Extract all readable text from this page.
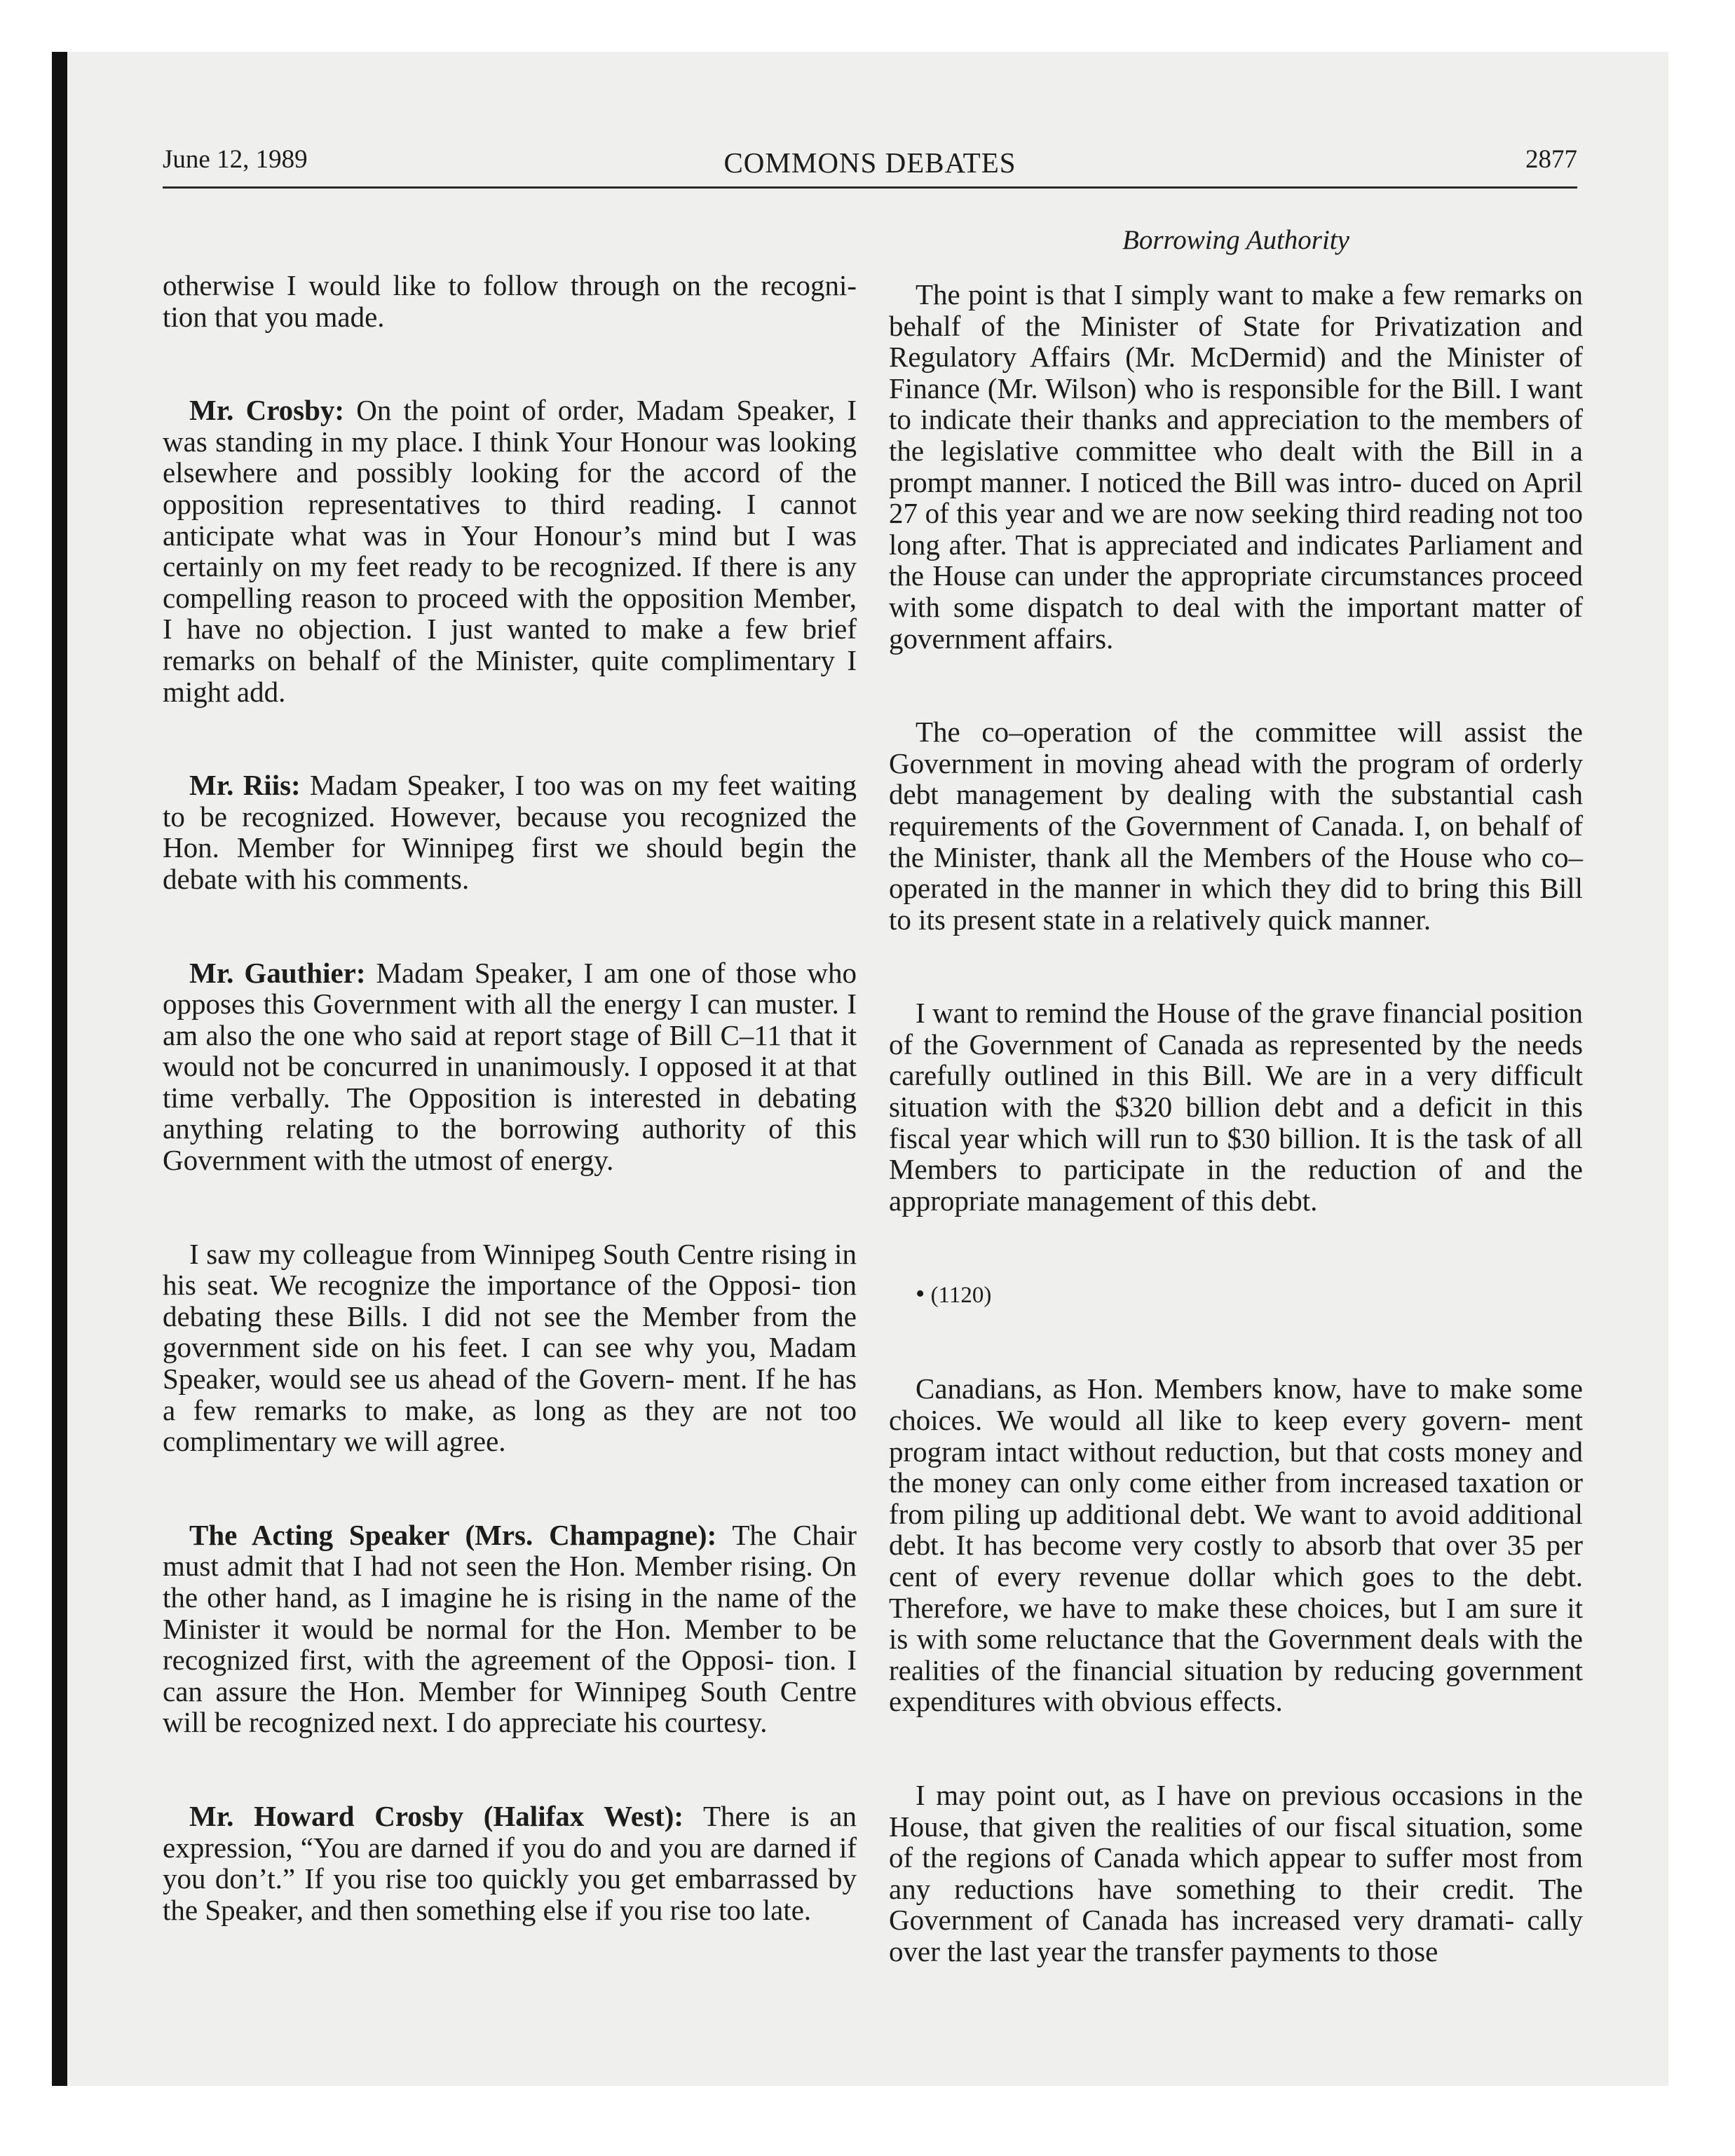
June 12, 1989	COMMONS DEBATES	2877
Borrowing Authority

otherwise I would like to follow through on the recogni- tion that you made.

Mr. Crosby: On the point of order, Madam Speaker, I was standing in my place. I think Your Honour was looking elsewhere and possibly looking for the accord of the opposition representatives to third reading. I cannot anticipate what was in Your Honour’s mind but I was certainly on my feet ready to be recognized. If there is any compelling reason to proceed with the opposition Member, I have no objection. I just wanted to make a few brief remarks on behalf of the Minister, quite complimentary I might add.

Mr. Riis: Madam Speaker, I too was on my feet waiting to be recognized. However, because you recognized the Hon. Member for Winnipeg first we should begin the debate with his comments.

Mr. Gauthier: Madam Speaker, I am one of those who opposes this Government with all the energy I can muster. I am also the one who said at report stage of Bill C–11 that it would not be concurred in unanimously. I opposed it at that time verbally. The Opposition is interested in debating anything relating to the borrowing authority of this Government with the utmost of energy.

I saw my colleague from Winnipeg South Centre rising in his seat. We recognize the importance of the Opposi- tion debating these Bills. I did not see the Member from the government side on his feet. I can see why you, Madam Speaker, would see us ahead of the Govern- ment. If he has a few remarks to make, as long as they are not too complimentary we will agree.

The Acting Speaker (Mrs. Champagne): The Chair must admit that I had not seen the Hon. Member rising. On the other hand, as I imagine he is rising in the name of the Minister it would be normal for the Hon. Member to be recognized first, with the agreement of the Opposi- tion. I can assure the Hon. Member for Winnipeg South Centre will be recognized next. I do appreciate his courtesy.

Mr. Howard Crosby (Halifax West): There is an expression, “You are darned if you do and you are darned if you don’t.” If you rise too quickly you get embarrassed by the Speaker, and then something else if you rise too late.

The point is that I simply want to make a few remarks on behalf of the Minister of State for Privatization and Regulatory Affairs (Mr. McDermid) and the Minister of Finance (Mr. Wilson) who is responsible for the Bill. I want to indicate their thanks and appreciation to the members of the legislative committee who dealt with the Bill in a prompt manner. I noticed the Bill was intro- duced on April 27 of this year and we are now seeking third reading not too long after. That is appreciated and indicates Parliament and the House can under the appropriate circumstances proceed with some dispatch to deal with the important matter of government affairs.

The co–operation of the committee will assist the Government in moving ahead with the program of orderly debt management by dealing with the substantial cash requirements of the Government of Canada. I, on behalf of the Minister, thank all the Members of the House who co–operated in the manner in which they did to bring this Bill to its present state in a relatively quick manner.

I want to remind the House of the grave financial position of the Government of Canada as represented by the needs carefully outlined in this Bill. We are in a very difficult situation with the $320 billion debt and a deficit in this fiscal year which will run to $30 billion. It is the task of all Members to participate in the reduction of and the appropriate management of this debt.

• (1120)

Canadians, as Hon. Members know, have to make some choices. We would all like to keep every govern- ment program intact without reduction, but that costs money and the money can only come either from increased taxation or from piling up additional debt. We want to avoid additional debt. It has become very costly to absorb that over 35 per cent of every revenue dollar which goes to the debt. Therefore, we have to make these choices, but I am sure it is with some reluctance that the Government deals with the realities of the financial situation by reducing government expenditures with obvious effects.

I may point out, as I have on previous occasions in the House, that given the realities of our fiscal situation, some of the regions of Canada which appear to suffer most from any reductions have something to their credit. The Government of Canada has increased very dramati- cally over the last year the transfer payments to those
